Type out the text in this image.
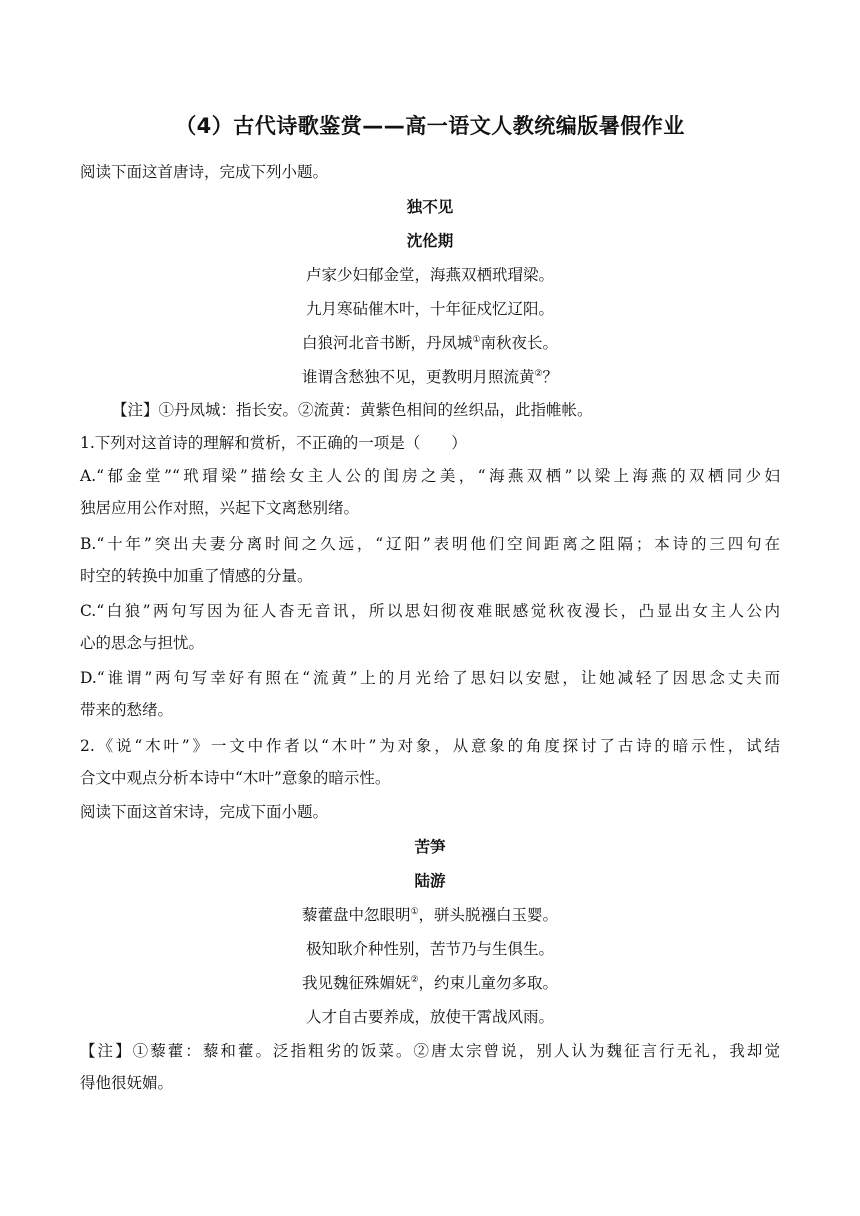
（4）古代诗歌鉴赏——高一语文人教统编版暑假作业
阅读下面这首唐诗，完成下列小题。
独不见
沈伦期
卢家少妇郁金堂，海燕双栖玳瑁梁。
九月寒砧催木叶，十年征戍忆辽阳。
白狼河北音书断，丹凤城①南秋夜长。
谁谓含愁独不见，更教明月照流黄②？
【注】①丹凤城：指长安。②流黄：黄紫色相间的丝织品，此指帷帐。
1.下列对这首诗的理解和赏析，不正确的一项是（　　）
A.“郁金堂”“玳瑁梁”描绘女主人公的闺房之美，“海燕双栖”以梁上海燕的双栖同少妇
独居应用公作对照，兴起下文离愁别绪。
B.“十年”突出夫妻分离时间之久远，“辽阳”表明他们空间距离之阻隔；本诗的三四句在
时空的转换中加重了情感的分量。
C.“白狼”两句写因为征人杳无音讯，所以思妇彻夜难眠感觉秋夜漫长，凸显出女主人公内
心的思念与担忧。
D.“谁谓”两句写幸好有照在“流黄”上的月光给了思妇以安慰，让她减轻了因思念丈夫而
带来的愁绪。
2.《说“木叶”》一文中作者以“木叶”为对象，从意象的角度探讨了古诗的暗示性，试结
合文中观点分析本诗中“木叶”意象的暗示性。
阅读下面这首宋诗，完成下面小题。
苦笋
陆游
藜藿盘中忽眼明①，骈头脱襁白玉婴。
极知耿介种性别，苦节乃与生俱生。
我见魏征殊媚妩②，约束儿童勿多取。
人才自古要养成，放使干霄战风雨。
【注】①藜藿：藜和藿。泛指粗劣的饭菜。②唐太宗曾说，别人认为魏征言行无礼，我却觉
得他很妩媚。
